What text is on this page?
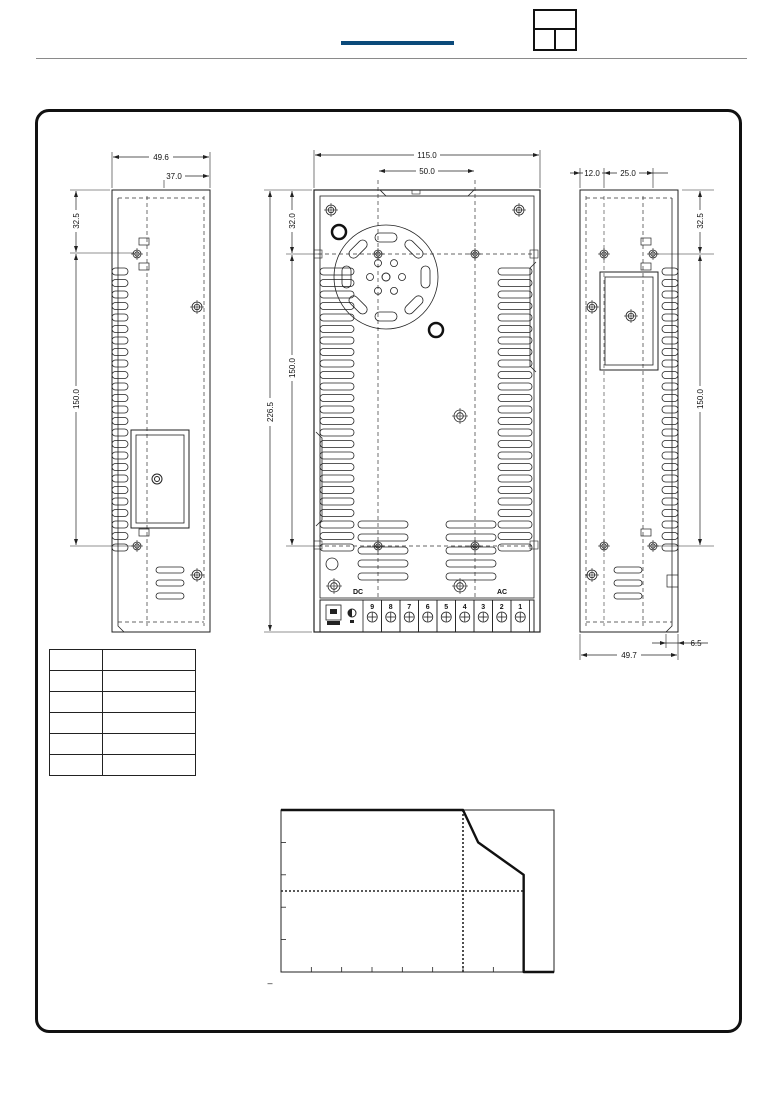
49.6
37.0
32.5
150.0
DC	AC
9 8 7 6 5 4 3 2 1
115.0
50.0
226.5
32.0
150.0
12.0	25.0
32.5
150.0
49.7
6.5
–
